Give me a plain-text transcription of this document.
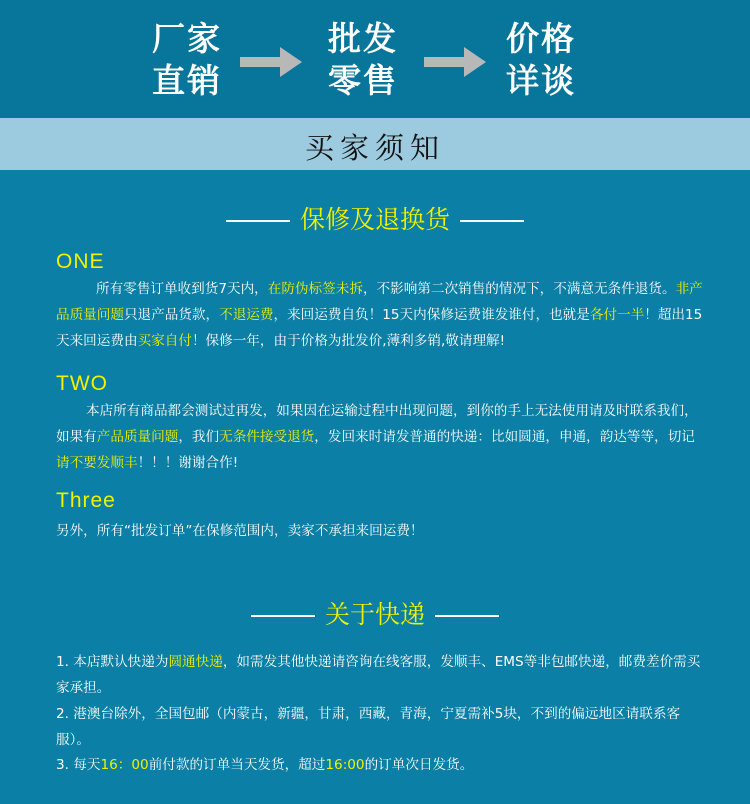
厂家
直销
批发
零售
价格
详谈
买家须知
保修及退换货
ONE
所有零售订单收到货7天内，在防伪标签未拆，不影响第二次销售的情况下，不满意无条件退货。非产品质量问题只退产品货款，不退运费，来回运费自负！15天内保修运费谁发谁付，也就是各付一半！超出15天来回运费由买家自付！保修一年，由于价格为批发价,薄利多销,敬请理解!
TWO
本店所有商品都会测试过再发，如果因在运输过程中出现问题，到你的手上无法使用请及时联系我们，如果有产品质量问题，我们无条件接受退货，发回来时请发普通的快递：比如圆通，申通，韵达等等，切记请不要发顺丰！！！谢谢合作!
Three
另外，所有“批发订单”在保修范围内，卖家不承担来回运费！
关于快递
1. 本店默认快递为圆通快递，如需发其他快递请咨询在线客服，发顺丰、EMS等非包邮快递，邮费差价需买家承担。
2. 港澳台除外，全国包邮（内蒙古，新疆，甘肃，西藏，青海，宁夏需补5块，不到的偏远地区请联系客服）。
3. 每天16：00前付款的订单当天发货，超过16:00的订单次日发货。
